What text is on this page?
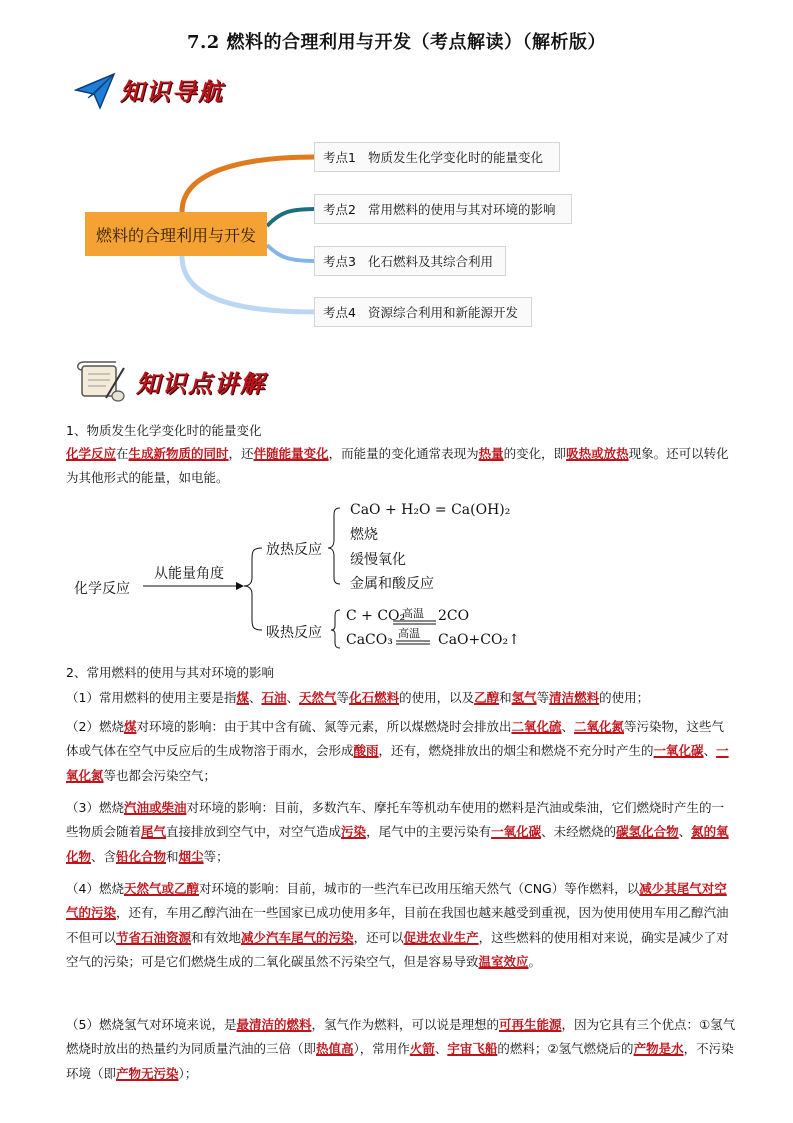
7.2 燃料的合理利用与开发（考点解读）（解析版）
知识导航
燃料的合理利用与开发
考点1 物质发生化学变化时的能量变化
考点2 常用燃料的使用与其对环境的影响
考点3 化石燃料及其综合利用
考点4 资源综合利用和新能源开发
知识点讲解
1、物质发生化学变化时的能量变化
化学反应在生成新物质的同时，还伴随能量变化，而能量的变化通常表现为热量的变化，即吸热或放热现象。还可以转化为其他形式的能量，如电能。
化学反应
从能量角度
放热反应
CaO + H₂O = Ca(OH)₂
燃烧
缓慢氧化
金属和酸反应
吸热反应
C + CO₂
高温 2CO
CaCO₃ 高温 CaO+CO₂↑
2、常用燃料的使用与其对环境的影响
（1）常用燃料的使用主要是指煤、石油、天然气等化石燃料的使用，以及乙醇和氢气等清洁燃料的使用；
（2）燃烧煤对环境的影响：由于其中含有硫、氮等元素，所以煤燃烧时会排放出二氧化硫、二氧化氮等污染物，这些气体或气体在空气中反应后的生成物溶于雨水，会形成酸雨，还有，燃烧排放出的烟尘和燃烧不充分时产生的一氧化碳、一氧化氮等也都会污染空气；
（3）燃烧汽油或柴油对环境的影响：目前，多数汽车、摩托车等机动车使用的燃料是汽油或柴油，它们燃烧时产生的一些物质会随着尾气直接排放到空气中，对空气造成污染，尾气中的主要污染有一氧化碳、未经燃烧的碳氢化合物、氮的氧化物、含铅化合物和烟尘等；
（4）燃烧天然气或乙醇对环境的影响：目前，城市的一些汽车已改用压缩天然气（CNG）等作燃料，以减少其尾气对空气的污染，还有，车用乙醇汽油在一些国家已成功使用多年，目前在我国也越来越受到重视，因为使用使用车用乙醇汽油不但可以节省石油资源和有效地减少汽车尾气的污染，还可以促进农业生产，这些燃料的使用相对来说，确实是减少了对空气的污染；可是它们燃烧生成的二氧化碳虽然不污染空气，但是容易导致温室效应。
（5）燃烧氢气对环境来说，是最清洁的燃料，氢气作为燃料，可以说是理想的可再生能源，因为它具有三个优点：①氢气燃烧时放出的热量约为同质量汽油的三倍（即热值高），常用作火箭、宇宙飞船的燃料；②氢气燃烧后的产物是水，不污染环境（即产物无污染）；
